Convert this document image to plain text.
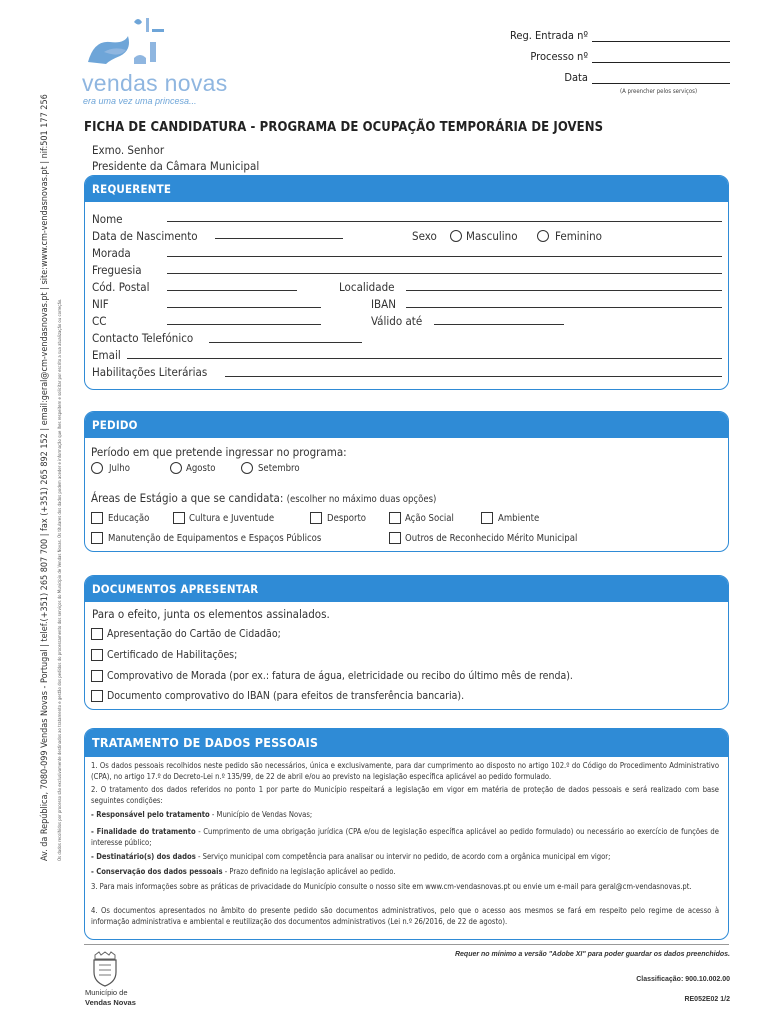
vendas novas
era uma vez uma princesa...
Reg. Entrada nº
Processo nº
Data
(A preencher pelos serviços)
FICHA DE CANDIDATURA - PROGRAMA DE OCUPAÇÃO TEMPORÁRIA DE JOVENS
Exmo. Senhor
Presidente da Câmara Municipal
Av. da República, 7080-099 Vendas Novas - Portugal | telef.(+351) 265 807 700 | fax (+351) 265 892 152 | email:geral@cm-vendasnovas.pt | site:www.cm-vendasnovas.pt | nif:501 177 256 Os dados recolhidos por processo são exclusivamente destinados ao tratamento e gestão dos pedidos do processamento dos serviços do Município de Vendas Novas. Os titulares dos dados podem aceder e informação que lhes respeitem e solicitar por escrito a sua atualização ou correção.
REQUERENTE
Nome
Data de Nascimento	Sexo	Masculino	Feminino
Morada
Freguesia
Cód. Postal	Localidade
NIF	IBAN
CC	Válido até
Contacto Telefónico
Email
Habilitações Literárias
PEDIDO
Período em que pretende ingressar no programa:
Julho	Agosto	Setembro
Áreas de Estágio a que se candidata: (escolher no máximo duas opções)
Educação	Cultura e Juventude	Desporto	Ação Social	Ambiente
Manutenção de Equipamentos e Espaços Públicos	Outros de Reconhecido Mérito Municipal
DOCUMENTOS APRESENTAR
Para o efeito, junta os elementos assinalados.
Apresentação do Cartão de Cidadão;
Certificado de Habilitações;
Comprovativo de Morada (por ex.: fatura de água, eletricidade ou recibo do último mês de renda).
Documento comprovativo do IBAN (para efeitos de transferência bancaria).
TRATAMENTO DE DADOS PESSOAIS
1. Os dados pessoais recolhidos neste pedido são necessários, única e exclusivamente, para dar cumprimento ao disposto no artigo 102.º do Código do Procedimento Administrativo (CPA), no artigo 17.º do Decreto-Lei n.º 135/99, de 22 de abril e/ou ao previsto na legislação específica aplicável ao pedido formulado.
2. O tratamento dos dados referidos no ponto 1 por parte do Município respeitará a legislação em vigor em matéria de proteção de dados pessoais e será realizado com base seguintes condições:
- Responsável pelo tratamento - Município de Vendas Novas;
- Finalidade do tratamento - Cumprimento de uma obrigação jurídica (CPA e/ou de legislação específica aplicável ao pedido formulado) ou necessário ao exercício de funções de interesse público;
- Destinatário(s) dos dados - Serviço municipal com competência para analisar ou intervir no pedido, de acordo com a orgânica municipal em vigor;
- Conservação dos dados pessoais - Prazo definido na legislação aplicável ao pedido.
3. Para mais informações sobre as práticas de privacidade do Município consulte o nosso site em www.cm-vendasnovas.pt ou envie um e-mail para geral@cm-vendasnovas.pt.
4. Os documentos apresentados no âmbito do presente pedido são documentos administrativos, pelo que o acesso aos mesmos se fará em respeito pelo regime de acesso à informação administrativa e ambiental e reutilização dos documentos administrativos (Lei n.º 26/2016, de 22 de agosto).
Requer no mínimo a versão "Adobe XI" para poder guardar os dados preenchidos.
Município de
Vendas Novas
Classificação: 900.10.002.00
RE052E02 1/2
